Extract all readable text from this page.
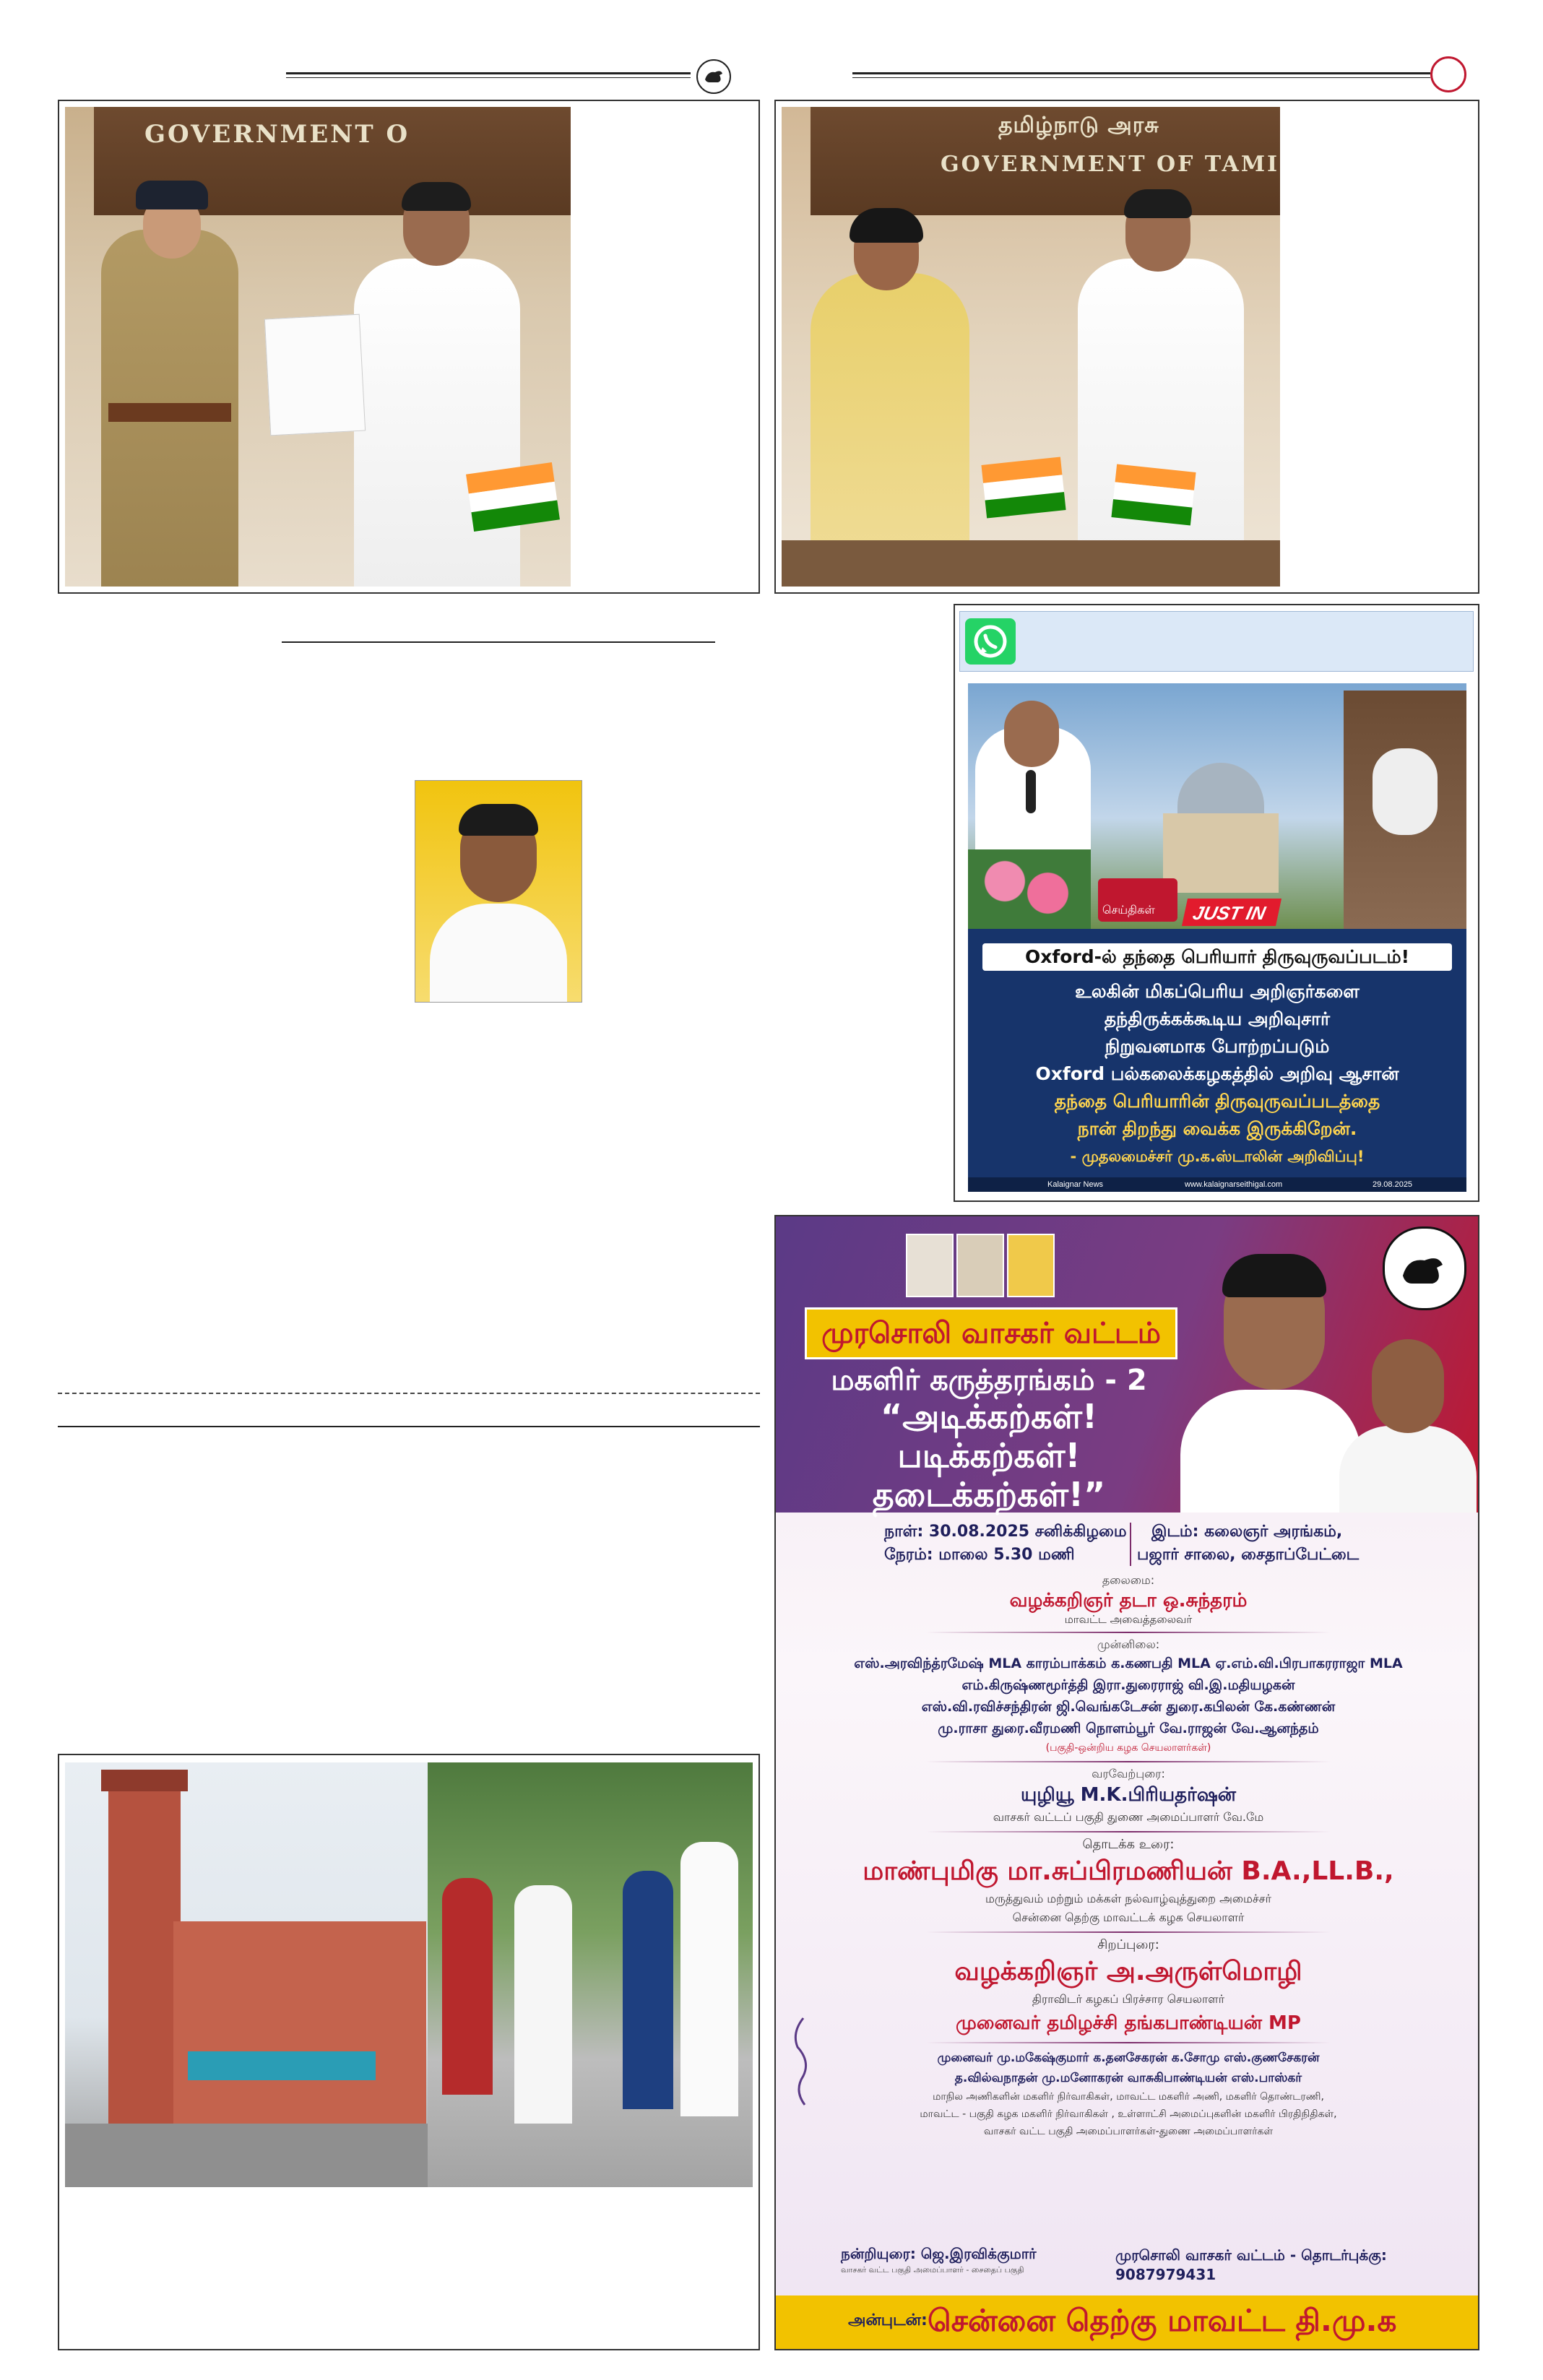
GOVERNMENT O	தமிழ்நாடு அரசு
GOVERNMENT OF TAMI
செய்திகள் JUST IN
Oxford-ல் தந்தை பெரியார் திருவுருவப்படம்!
உலகின் மிகப்பெரிய அறிஞர்களை
தந்திருக்கக்கூடிய அறிவுசார்
நிறுவனமாக போற்றப்படும்
Oxford பல்கலைக்கழகத்தில் அறிவு ஆசான்
தந்தை பெரியாரின் திருவுருவப்படத்தை
நான் திறந்து வைக்க இருக்கிறேன்.
- முதலமைச்சர் மு.க.ஸ்டாலின் அறிவிப்பு!
Kalaignar News	www.kalaignarseithigal.com	29.08.2025
முரசொலி வாசகர் வட்டம்
மகளிர் கருத்தரங்கம் - 2
“அடிக்கற்கள்!
படிக்கற்கள்!
தடைக்கற்கள்!”
நாள்: 30.08.2025 சனிக்கிழமை
நேரம்: மாலை 5.30 மணி
இடம்: கலைஞர் அரங்கம்,
பஜார் சாலை, சைதாப்பேட்டை
தலைமை:
வழக்கறிஞர் தடா ஒ.சுந்தரம்
மாவட்ட அவைத்தலைவர்
முன்னிலை:
எஸ்.அரவிந்த்ரமேஷ் MLA காரம்பாக்கம் க.கணபதி MLA ஏ.எம்.வி.பிரபாகரராஜா MLA
எம்.கிருஷ்ணமூர்த்தி இரா.துரைராஜ் வி.இ.மதியழகன்
எஸ்.வி.ரவிச்சந்திரன் ஜி.வெங்கடேசன் துரை.கபிலன் கே.கண்ணன்
மு.ராசா துரை.வீரமணி நொளம்பூர் வே.ராஜன் வே.ஆனந்தம்
(பகுதி-ஒன்றிய கழக செயலாளர்கள்)
வரவேற்புரை:
யுழியூ M.K.பிரியதர்ஷன்
வாசகர் வட்டப் பகுதி துணை அமைப்பாளர் வே.மே
தொடக்க உரை:
மாண்புமிகு மா.சுப்பிரமணியன் B.A.,LL.B.,
மருத்துவம் மற்றும் மக்கள் நல்வாழ்வுத்துறை அமைச்சர்
சென்னை தெற்கு மாவட்டக் கழக செயலாளர்
சிறப்புரை:
வழக்கறிஞர் அ.அருள்மொழி
திராவிடர் கழகப் பிரச்சார செயலாளர்
முனைவர் தமிழச்சி தங்கபாண்டியன் MP
முனைவர் மு.மகேஷ்குமார் க.தனசேகரன் க.சோமு எஸ்.குணசேகரன்
த.வில்வநாதன் மு.மனோகரன் வாசுகிபாண்டியன் எஸ்.பாஸ்கர்
மாநில அணிகளின் மகளிர் நிர்வாகிகள், மாவட்ட மகளிர் அணி, மகளிர் தொண்டரணி,
மாவட்ட - பகுதி கழக மகளிர் நிர்வாகிகள் , உள்ளாட்சி அமைப்புகளின் மகளிர் பிரதிநிதிகள்,
வாசகர் வட்ட பகுதி அமைப்பாளர்கள்-துணை அமைப்பாளர்கள்
நன்றியுரை: ஜெ.இரவிக்குமார்
வாசகர் வட்ட பகுதி அமைப்பாளர் - சைதைப் பகுதி
முரசொலி வாசகர் வட்டம் - தொடர்புக்கு: 9087979431
அன்புடன்: சென்னை தெற்கு மாவட்ட தி.மு.க
